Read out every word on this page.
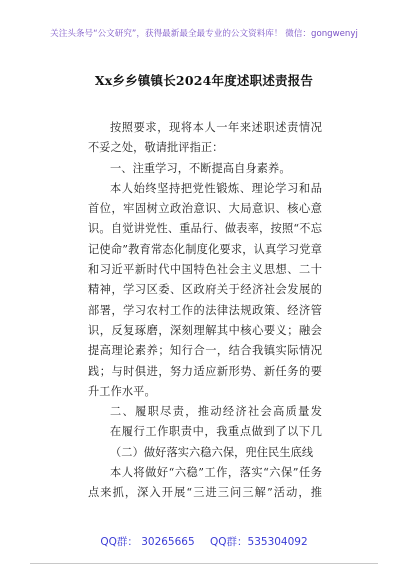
关注头条号“公文研究”，获得最新最全最专业的公文资料库！ 微信：gongwenyj
Xx乡乡镇镇长2024年度述职述责报告
按照要求，现将本人一年来述职述责情况
不妥之处，敬请批评指正：
一、注重学习，不断提高自身素养。
本人始终坚持把党性锻炼、理论学习和品
首位，牢固树立政治意识、大局意识、核心意
识。自觉讲党性、重品行、做表率，按照“不忘
记使命”教育常态化制度化要求，认真学习党章
和习近平新时代中国特色社会主义思想、二十
精神，学习区委、区政府关于经济社会发展的
部署，学习农村工作的法律法规政策、经济管
识，反复琢磨，深刻理解其中核心要义；融会
提高理论素养；知行合一，结合我镇实际情况
践；与时俱进，努力适应新形势、新任务的要
升工作水平。
二、履职尽责，推动经济社会高质量发
在履行工作职责中，我重点做到了以下几
（二）做好落实六稳六保，兜住民生底线
本人将做好“六稳”工作，落实“六保”任务
点来抓，深入开展“三进三问三解”活动，推
QQ群： 30265665 QQ群：535304092
